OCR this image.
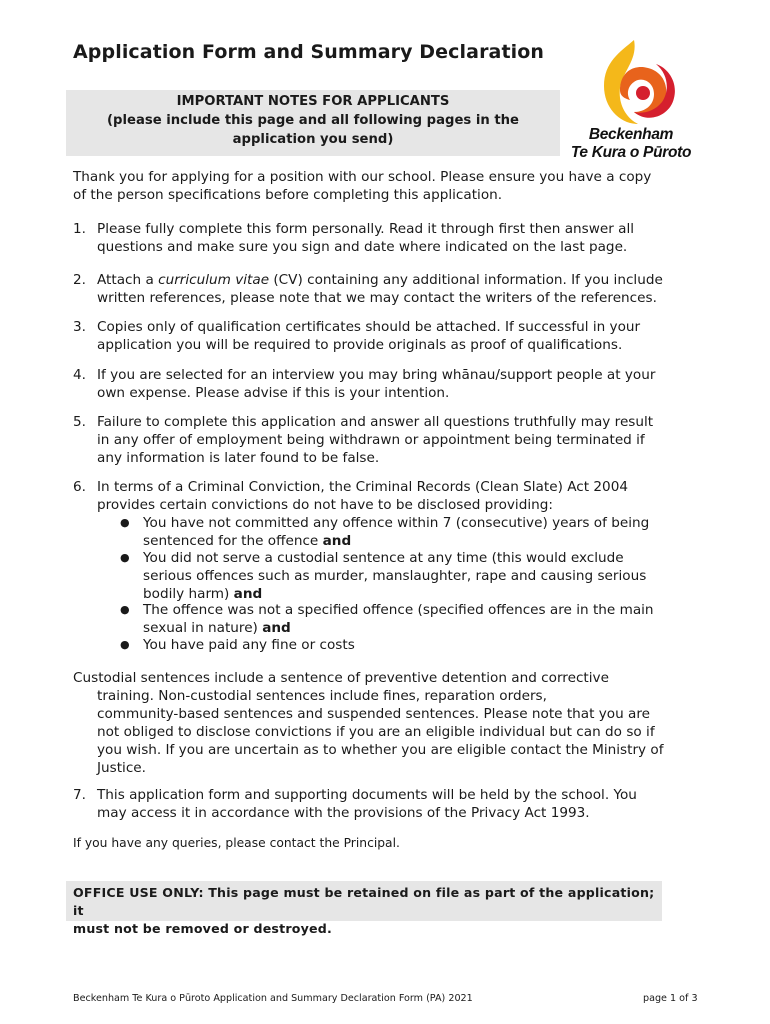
Application Form and Summary Declaration
IMPORTANT NOTES FOR APPLICANTS
(please include this page and all following pages in the
application you send)	Beckenham
Te Kura o Pūroto
Thank you for applying for a position with our school. Please ensure you have a copy
of the person specifications before completing this application.
1. Please fully complete this form personally. Read it through first then answer all
questions and make sure you sign and date where indicated on the last page.
2. Attach a curriculum vitae (CV) containing any additional information. If you include
written references, please note that we may contact the writers of the references.
3. Copies only of qualification certificates should be attached. If successful in your
application you will be required to provide originals as proof of qualifications.
4. If you are selected for an interview you may bring whānau/support people at your
own expense. Please advise if this is your intention.
5. Failure to complete this application and answer all questions truthfully may result
in any offer of employment being withdrawn or appointment being terminated if
any information is later found to be false.
6. In terms of a Criminal Conviction, the Criminal Records (Clean Slate) Act 2004
provides certain convictions do not have to be disclosed providing:
● You have not committed any offence within 7 (consecutive) years of being
sentenced for the offence and
● You did not serve a custodial sentence at any time (this would exclude
serious offences such as murder, manslaughter, rape and causing serious
bodily harm) and
● The offence was not a specified offence (specified offences are in the main
sexual in nature) and
● You have paid any fine or costs
Custodial sentences include a sentence of preventive detention and corrective
training. Non-custodial sentences include fines, reparation orders,
community-based sentences and suspended sentences. Please note that you are
not obliged to disclose convictions if you are an eligible individual but can do so if
you wish. If you are uncertain as to whether you are eligible contact the Ministry of
Justice.
7. This application form and supporting documents will be held by the school. You
may access it in accordance with the provisions of the Privacy Act 1993.
If you have any queries, please contact the Principal.
OFFICE USE ONLY: This page must be retained on file as part of the application; it
must not be removed or destroyed.
Beckenham Te Kura o Pūroto Application and Summary Declaration Form (PA) 2021	page 1 of 3
